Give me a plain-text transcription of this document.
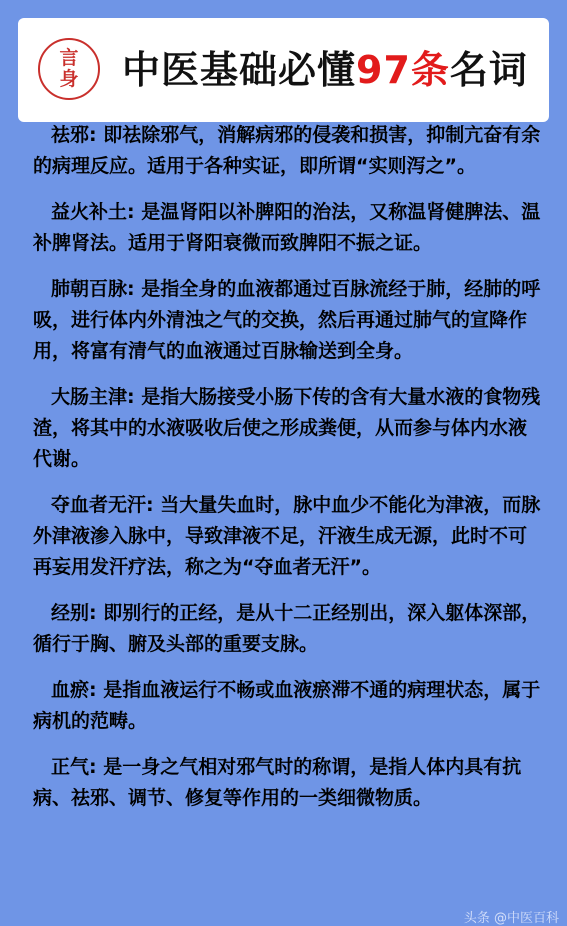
言
身 中医基础必懂97条名词
祛邪: 即祛除邪气，消解病邪的侵袭和损害，抑制亢奋有余的病理反应。适用于各种实证，即所谓“实则泻之”。
益火补土: 是温肾阳以补脾阳的治法，又称温肾健脾法、温补脾肾法。适用于肾阳衰微而致脾阳不振之证。
肺朝百脉: 是指全身的血液都通过百脉流经于肺，经肺的呼吸，进行体内外清浊之气的交换，然后再通过肺气的宣降作用，将富有清气的血液通过百脉输送到全身。
大肠主津: 是指大肠接受小肠下传的含有大量水液的食物残渣，将其中的水液吸收后使之形成粪便，从而参与体内水液代谢。
夺血者无汗: 当大量失血时，脉中血少不能化为津液，而脉外津液渗入脉中，导致津液不足，汗液生成无源，此时不可再妄用发汗疗法，称之为“夺血者无汗”。
经别: 即别行的正经，是从十二正经别出，深入躯体深部，循行于胸、腑及头部的重要支脉。
血瘀: 是指血液运行不畅或血液瘀滞不通的病理状态，属于病机的范畴。
正气: 是一身之气相对邪气时的称谓，是指人体内具有抗病、祛邪、调节、修复等作用的一类细微物质。
头条 @中医百科
